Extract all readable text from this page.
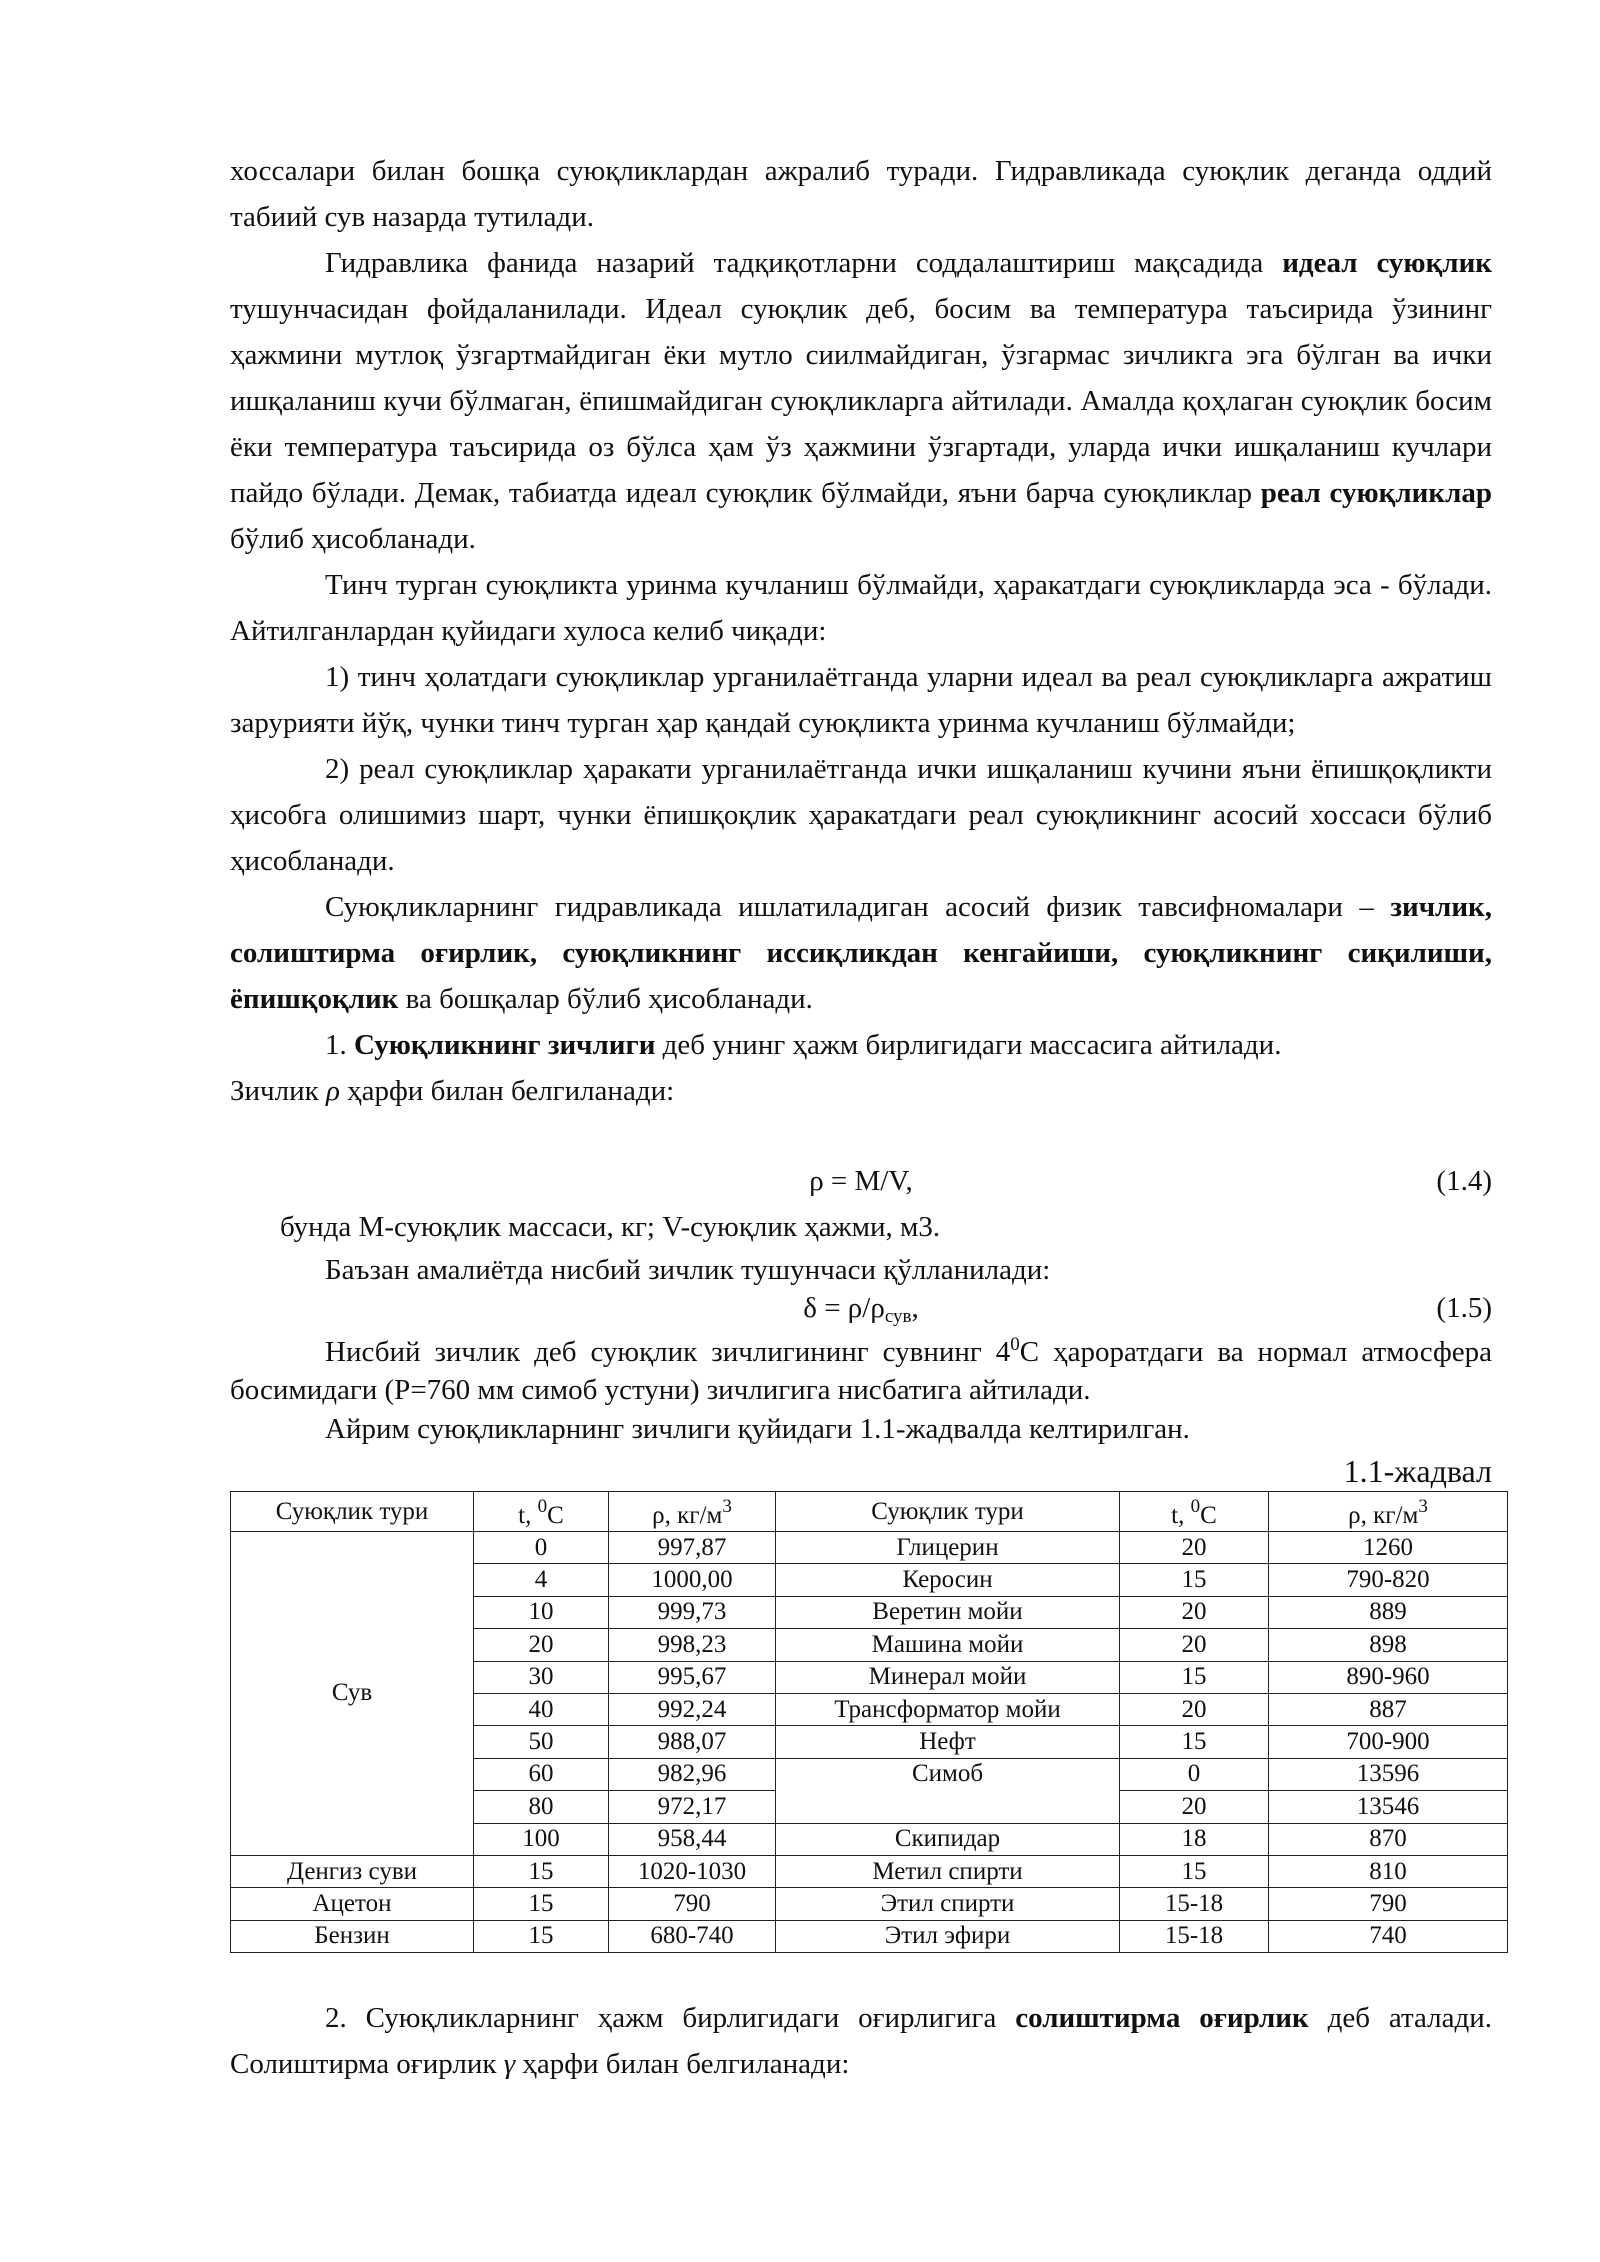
хоссалари билан бошқа суюқликлардан ажралиб туради. Гидравликада суюқлик деганда оддий табиий сув назарда тутилади.

Гидравлика фанида назарий тадқиқотларни соддалаштириш мақсадида идеал суюқлик тушунчасидан фойдаланилади. Идеал суюқлик деб, босим ва температура таъсирида ўзининг ҳажмини мутлоқ ўзгартмайдиган ёки мутло сиилмайдиган, ўзгармас зичликга эга бўлган ва ички ишқаланиш кучи бўлмаган, ёпишмайдиган суюқликларга айтилади. Амалда қоҳлаган суюқлик босим ёки температура таъсирида оз бўлса ҳам ўз ҳажмини ўзгартади, уларда ички ишқаланиш кучлари пайдо бўлади. Демак, табиатда идеал суюқлик бўлмайди, яъни барча суюқликлар реал суюқликлар бўлиб ҳисобланади.

Тинч турган суюқликта уринма кучланиш бўлмайди, ҳаракатдаги суюқликларда эса - бўлади. Айтилганлардан қуйидаги хулоса келиб чиқади:

1) тинч ҳолатдаги суюқликлар урганилаётганда уларни идеал ва реал суюқликларга ажратиш зарурияти йўқ, чунки тинч турган ҳар қандай суюқликта уринма кучланиш бўлмайди;

2) реал суюқликлар ҳаракати урганилаётганда ички ишқаланиш кучини яъни ёпишқоқликти ҳисобга олишимиз шарт, чунки ёпишқоқлик ҳаракатдаги реал суюқликнинг асосий хоссаси бўлиб ҳисобланади.

Суюқликларнинг гидравликада ишлатиладиган асосий физик тавсифномалари – зичлик, солиштирма оғирлик, суюқликнинг иссиқликдан кенгайиши, суюқликнинг сиқилиши, ёпишқоқлик ва бошқалар бўлиб ҳисобланади.

1. Суюқликнинг зичлиги деб унинг ҳажм бирлигидаги массасига айтилади.

Зичлик ρ ҳарфи билан белгиланади:

ρ = M/V,	(1.4)

бунда М-суюқлик массаси, кг; V-суюқлик ҳажми, м3.

Баъзан амалиётда нисбий зичлик тушунчаси қўлланилади:

$\delta = \rho/\rho_{сув}$,	(1.5)

Нисбий зичлик деб суюқлик зичлигининг сувнинг $4^0С$ ҳароратдаги ва нормал атмосфера босимидаги (Р=760 мм симоб устуни) зичлигига нисбатига айтилади.

Айрим суюқликларнинг зичлиги қуйидаги 1.1-жадвалда келтирилган.

1.1-жадвал
Суюқлик тури	t, $^0$С	ρ, $кг/м^3$	Суюқлик тури	t, $^0$С	ρ, $кг/м^3$
Сув	0	997,87	Глицерин	20	1260
	4	1000,00	Керосин	15	790-820
	10	999,73	Веретин мойи	20	889
	20	998,23	Машина мойи	20	898
	30	995,67	Минерал мойи	15	890-960
	40	992,24	Трансформатор мойи	20	887
	50	988,07	Нефт	15	700-900
	60	982,96	Симоб	0	13596
	80	972,17		20	13546
	100	958,44	Скипидар	18	870
Денгиз суви	15	1020-1030	Метил спирти	15	810
Ацетон	15	790	Этил спирти	15-18	790
Бензин	15	680-740	Этил эфири	15-18	740

2. Суюқликларнинг ҳажм бирлигидаги оғирлигига солиштирма оғирлик деб аталади. Солиштирма оғирлик γ ҳарфи билан белгиланади:
